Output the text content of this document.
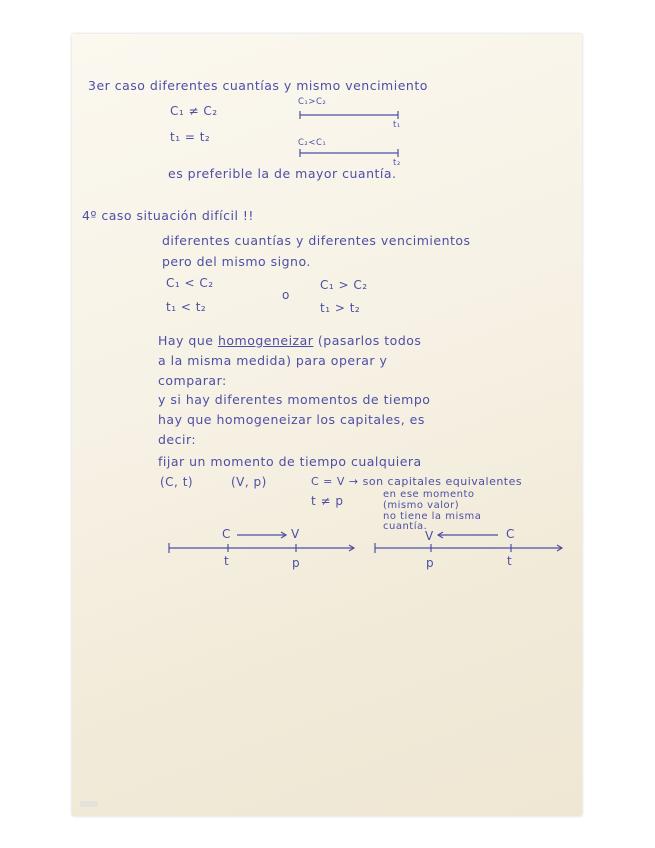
3er caso diferentes cuantías y mismo vencimiento
C₁ ≠ C₂
t₁ = t₂
C₁>C₂
t₁
C₂<C₁
t₂
es preferible la de mayor cuantía.
4º caso situación difícil !!
diferentes cuantías y diferentes vencimientos
pero del mismo signo.
C₁ < C₂
t₁ < t₂
o
C₁ > C₂
t₁ > t₂
Hay que homogeneizar (pasarlos todos
a la misma medida) para operar y
comparar:
y si hay diferentes momentos de tiempo
hay que homogeneizar los capitales, es
decir:
fijar un momento de tiempo cualquiera
(C, t)	(V, p)	C = V → son capitales equivalentes
t ≠ p	en ese momento
(mismo valor)
no tiene la misma
cuantía.
C	V
t	p
V	C
p	t
